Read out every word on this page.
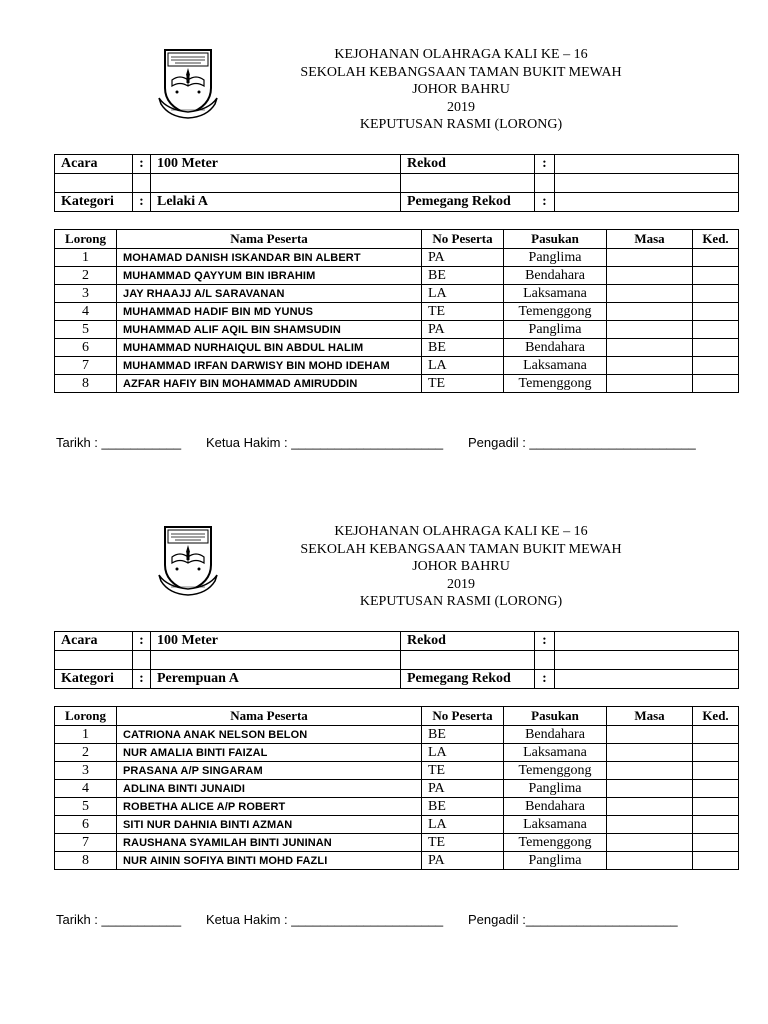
KEJOHANAN OLAHRAGA KALI KE – 16
SEKOLAH KEBANGSAAN TAMAN BUKIT MEWAH
JOHOR BAHRU
2019
KEPUTUSAN RASMI (LORONG)
Acara	:	100 Meter	Rekod	:	

Kategori	:	Lelaki A	Pemegang Rekod	:	
Lorong	Nama Peserta	No Peserta	Pasukan	Masa	Ked.
1	MOHAMAD DANISH ISKANDAR BIN ALBERT	PA	Panglima		
2	MUHAMMAD QAYYUM BIN IBRAHIM	BE	Bendahara		
3	JAY RHAAJJ A/L SARAVANAN	LA	Laksamana		
4	MUHAMMAD HADIF BIN MD YUNUS	TE	Temenggong		
5	MUHAMMAD ALIF AQIL BIN SHAMSUDIN	PA	Panglima		
6	MUHAMMAD NURHAIQUL BIN ABDUL HALIM	BE	Bendahara		
7	MUHAMMAD IRFAN DARWISY BIN MOHD IDEHAM	LA	Laksamana		
8	AZFAR HAFIY BIN MOHAMMAD AMIRUDDIN	TE	Temenggong		
Tarikh : ___________ Ketua Hakim : _____________________ Pengadil : _______________________
KEJOHANAN OLAHRAGA KALI KE – 16
SEKOLAH KEBANGSAAN TAMAN BUKIT MEWAH
JOHOR BAHRU
2019
KEPUTUSAN RASMI (LORONG)
Acara	:	100 Meter	Rekod	:	

Kategori	:	Perempuan A	Pemegang Rekod	:	
Lorong	Nama Peserta	No Peserta	Pasukan	Masa	Ked.
1	CATRIONA ANAK NELSON BELON	BE	Bendahara		
2	NUR AMALIA BINTI FAIZAL	LA	Laksamana		
3	PRASANA A/P SINGARAM	TE	Temenggong		
4	ADLINA BINTI JUNAIDI	PA	Panglima		
5	ROBETHA ALICE A/P ROBERT	BE	Bendahara		
6	SITI NUR DAHNIA BINTI AZMAN	LA	Laksamana		
7	RAUSHANA SYAMILAH BINTI JUNINAN	TE	Temenggong		
8	NUR AININ SOFIYA BINTI MOHD FAZLI	PA	Panglima		
Tarikh : ___________ Ketua Hakim : _____________________ Pengadil :_____________________
